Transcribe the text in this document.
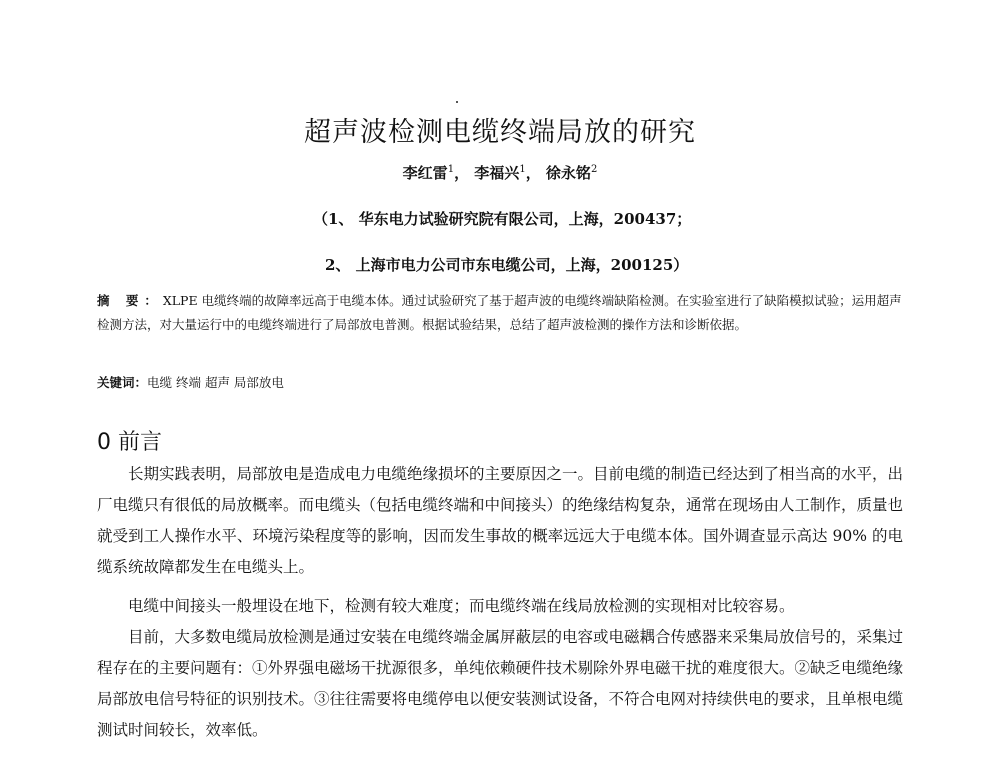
超声波检测电缆终端局放的研究
李红雷$^1$， 李福兴$^1$， 徐永铭$^2$
（1、 华东电力试验研究院有限公司，上海，200437；
2、 上海市电力公司市东电缆公司，上海，200125）

摘 要：XLPE 电缆终端的故障率远高于电缆本体。通过试验研究了基于超声波的电缆终端缺陷检测。在实验室进行了缺陷模拟试验；运用超声检测方法，对大量运行中的电缆终端进行了局部放电普测。根据试验结果，总结了超声波检测的操作方法和诊断依据。

关键词：电缆 终端 超声 局部放电
0 前言

长期实践表明，局部放电是造成电力电缆绝缘损坏的主要原因之一。目前电缆的制造已经达到了相当高的水平，出厂电缆只有很低的局放概率。而电缆头（包括电缆终端和中间接头）的绝缘结构复杂，通常在现场由人工制作，质量也就受到工人操作水平、环境污染程度等的影响，因而发生事故的概率远远大于电缆本体。国外调查显示高达 90% 的电缆系统故障都发生在电缆头上。

电缆中间接头一般埋设在地下，检测有较大难度；而电缆终端在线局放检测的实现相对比较容易。

目前，大多数电缆局放检测是通过安装在电缆终端金属屏蔽层的电容或电磁耦合传感器来采集局放信号的，采集过程存在的主要问题有：①外界强电磁场干扰源很多，单纯依赖硬件技术剔除外界电磁干扰的难度很大。②缺乏电缆绝缘局部放电信号特征的识别技术。③往往需要将电缆停电以便安装测试设备，不符合电网对持续供电的要求，且单根电缆测试时间较长，效率低。
